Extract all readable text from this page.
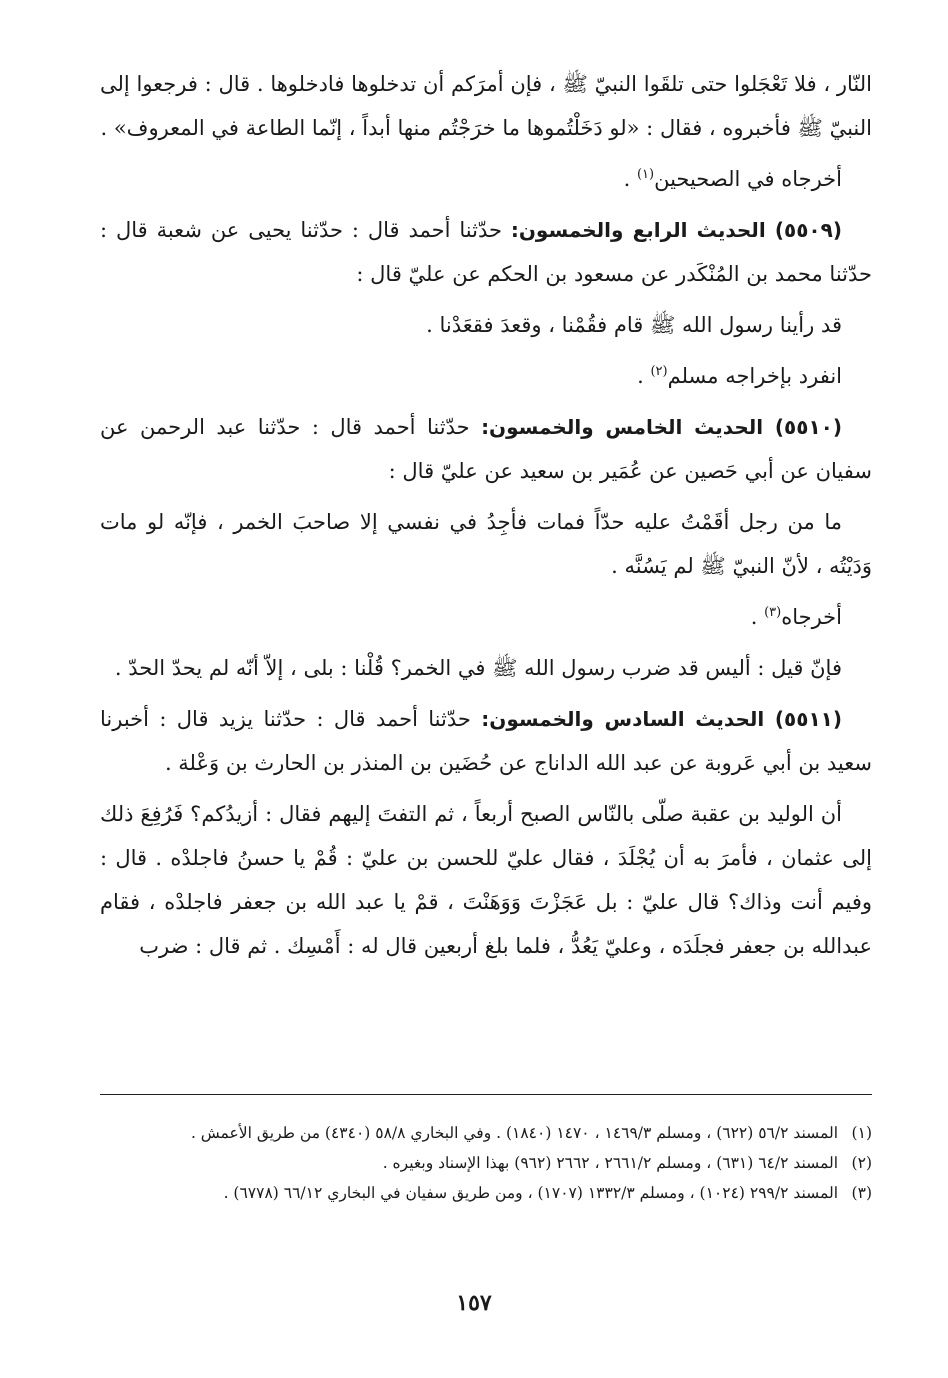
النّار ، فلا تَعْجَلوا حتى تلقَوا النبيّ ﷺ ، فإن أمرَكم أن تدخلوها فادخلوها . قال : فرجعوا إلى النبيّ ﷺ فأخبروه ، فقال : «لو دَخَلْتُموها ما خرَجْتُم منها أبداً ، إنّما الطاعة في المعروف» .

أخرجاه في الصحيحين$^{(١)}$ .

(٥٥٠٩) الحديث الرابع والخمسون: حدّثنا أحمد قال : حدّثنا يحيى عن شعبة قال : حدّثنا محمد بن المُنْكَدر عن مسعود بن الحكم عن عليّ قال :

قد رأينا رسول الله ﷺ قام فقُمْنا ، وقعدَ فقعَدْنا .

انفرد بإخراجه مسلم$^{(٢)}$ .

(٥٥١٠) الحديث الخامس والخمسون: حدّثنا أحمد قال : حدّثنا عبد الرحمن عن سفيان عن أبي حَصين عن عُمَير بن سعيد عن عليّ قال :

ما من رجل أقَمْتُ عليه حدّاً فمات فأجِدُ في نفسي إلا صاحبَ الخمر ، فإنّه لو مات وَدَيْتُه ، لأنّ النبيّ ﷺ لم يَسُنَّه .

أخرجاه$^{(٣)}$ .

فإنّ قيل : أليس قد ضرب رسول الله ﷺ في الخمر؟ قُلْنا : بلى ، إلاّ أنّه لم يحدّ الحدّ .

(٥٥١١) الحديث السادس والخمسون: حدّثنا أحمد قال : حدّثنا يزيد قال : أخبرنا سعيد بن أبي عَروبة عن عبد الله الداناج عن حُضَين بن المنذر بن الحارث بن وَعْلة .

أن الوليد بن عقبة صلّى بالنّاس الصبح أربعاً ، ثم التفتَ إليهم فقال : أزيدُكم؟ فَرُفِعَ ذلك إلى عثمان ، فأمرَ به أن يُجْلَدَ ، فقال عليّ للحسن بن عليّ : قُمْ يا حسنُ فاجلدْه . قال : وفيم أنت وذاك؟ قال عليّ : بل عَجَزْتَ وَوَهَنْتَ ، قمْ يا عبد الله بن جعفر فاجلدْه ، فقام عبدالله بن جعفر فجلَدَه ، وعليّ يَعُدُّ ، فلما بلغ أربعين قال له : أَمْسِك . ثم قال : ضرب

(١)المسند ٥٦/٢ (٦٢٢) ، ومسلم ١٤٦٩/٣ ، ١٤٧٠ (١٨٤٠) . وفي البخاري ٥٨/٨ (٤٣٤٠) من طريق الأعمش .

(٢)المسند ٦٤/٢ (٦٣١) ، ومسلم ٢٦٦١/٢ ، ٢٦٦٢ (٩٦٢) بهذا الإسناد وبغيره .

(٣)المسند ٢٩٩/٢ (١٠٢٤) ، ومسلم ١٣٣٢/٣ (١٧٠٧) ، ومن طريق سفيان في البخاري ٦٦/١٢ (٦٧٧٨) .

١٥٧
